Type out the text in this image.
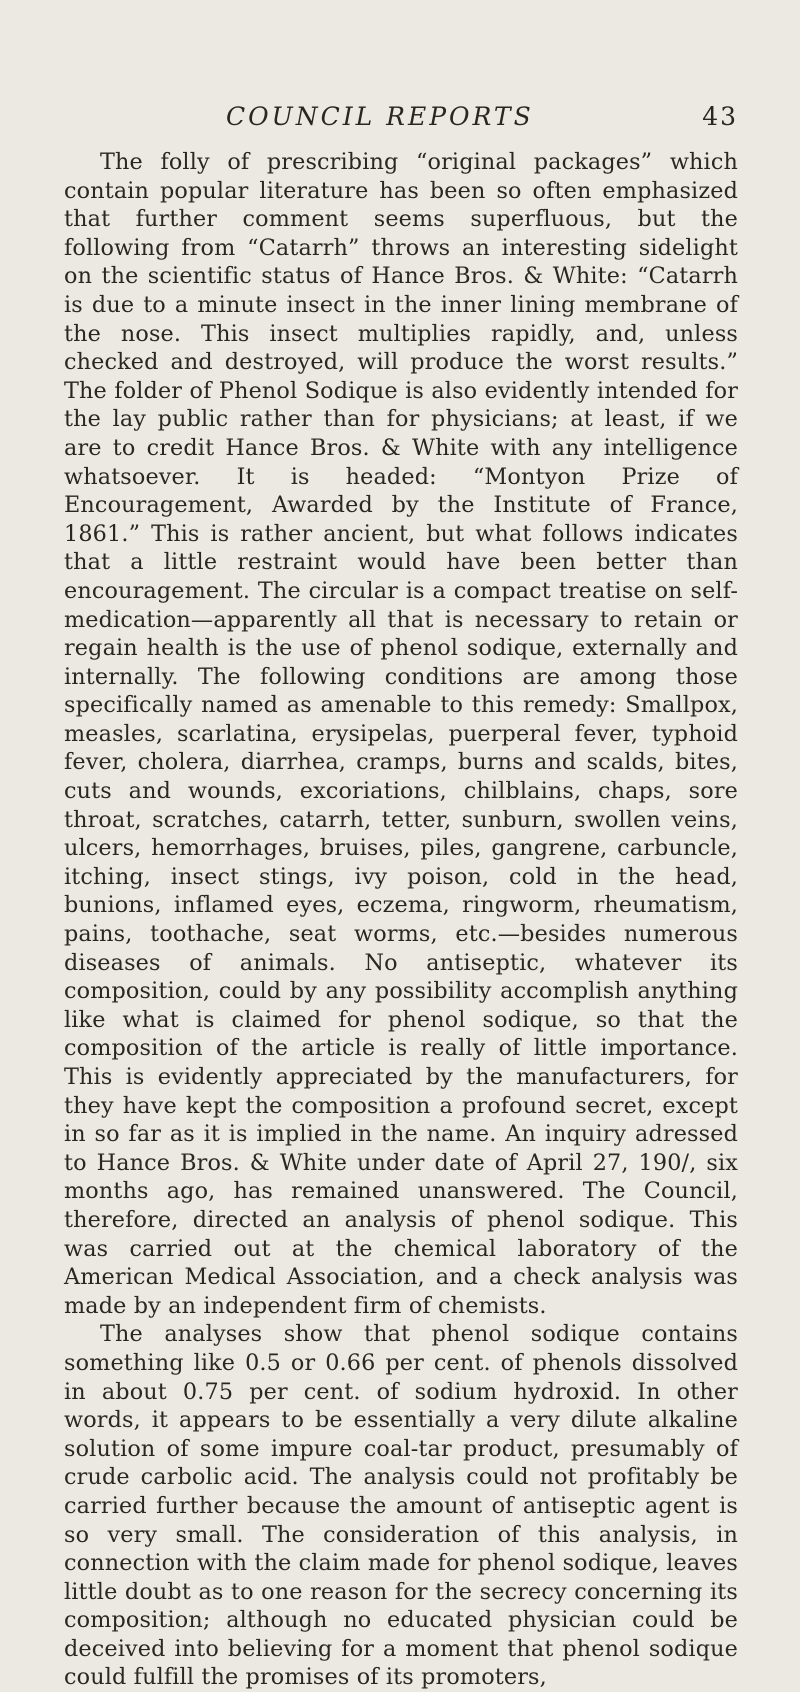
COUNCIL REPORTS	43

The folly of prescribing “original packages” which contain popular literature has been so often emphasized that further comment seems superfluous, but the following from “Catarrh” throws an interesting sidelight on the scientific status of Hance Bros. & White: “Catarrh is due to a minute insect in the inner lining membrane of the nose. This insect multiplies rapidly, and, unless checked and destroyed, will produce the worst results.” The folder of Phenol Sodique is also evidently intended for the lay public rather than for physicians; at least, if we are to credit Hance Bros. & White with any intelligence whatsoever. It is headed: “Montyon Prize of Encouragement, Awarded by the Institute of France, 1861.” This is rather ancient, but what follows indicates that a little restraint would have been better than encouragement. The circular is a compact treatise on self-medication—apparently all that is necessary to retain or regain health is the use of phenol sodique, externally and internally. The following conditions are among those specifically named as amenable to this remedy: Smallpox, measles, scarlatina, erysipelas, puerperal fever, typhoid fever, cholera, diarrhea, cramps, burns and scalds, bites, cuts and wounds, excoriations, chilblains, chaps, sore throat, scratches, catarrh, tetter, sunburn, swollen veins, ulcers, hemorrhages, bruises, piles, gangrene, carbuncle, itching, insect stings, ivy poison, cold in the head, bunions, inflamed eyes, eczema, ringworm, rheumatism, pains, toothache, seat worms, etc.—besides numerous diseases of animals. No antiseptic, whatever its composition, could by any possibility accomplish anything like what is claimed for phenol sodique, so that the composition of the article is really of little importance. This is evidently appreciated by the manufacturers, for they have kept the composition a profound secret, except in so far as it is implied in the name. An inquiry adressed to Hance Bros. & White under date of April 27, 190/, six months ago, has remained unanswered. The Council, therefore, directed an analysis of phenol sodique. This was carried out at the chemical laboratory of the American Medical Association, and a check analysis was made by an independent firm of chemists.

The analyses show that phenol sodique contains something like 0.5 or 0.66 per cent. of phenols dissolved in about 0.75 per cent. of sodium hydroxid. In other words, it appears to be essentially a very dilute alkaline solution of some impure coal-tar product, presumably of crude carbolic acid. The analysis could not profitably be carried further because the amount of antiseptic agent is so very small. The consideration of this analysis, in connection with the claim made for phenol sodique, leaves little doubt as to one reason for the secrecy concerning its composition; although no educated physician could be deceived into believing for a moment that phenol sodique could fulfill the promises of its promoters,
